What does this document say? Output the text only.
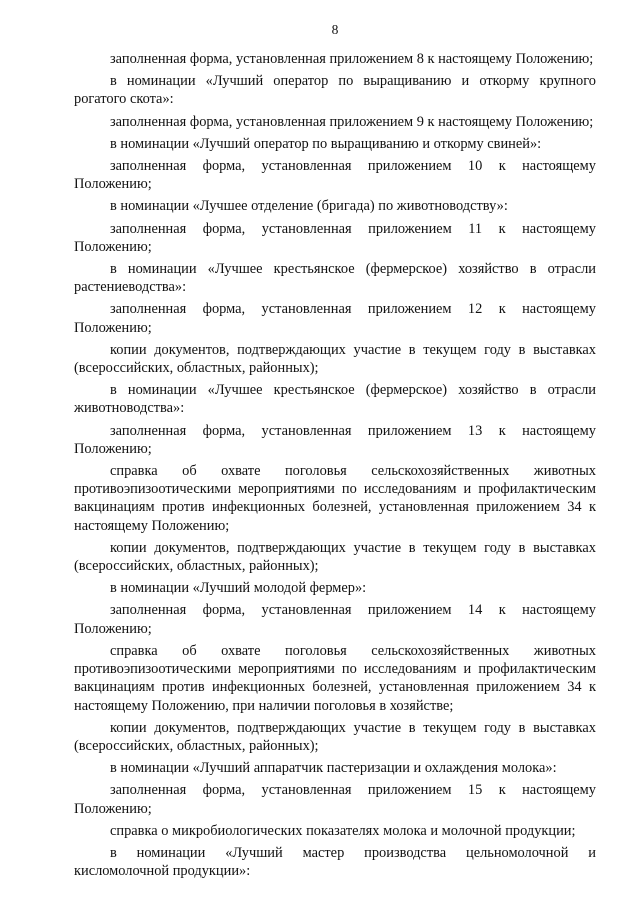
8

заполненная форма, установленная приложением 8 к настоящему Положению;

в номинации «Лучший оператор по выращиванию и откорму крупного рогатого скота»:

заполненная форма, установленная приложением 9 к настоящему Положению;

в номинации «Лучший оператор по выращиванию и откорму свиней»:

заполненная форма, установленная приложением 10 к настоящему Положению;

в номинации «Лучшее отделение (бригада) по животноводству»:

заполненная форма, установленная приложением 11 к настоящему Положению;

в номинации «Лучшее крестьянское (фермерское) хозяйство в отрасли растениеводства»:

заполненная форма, установленная приложением 12 к настоящему Положению;

копии документов, подтверждающих участие в текущем году в выставках (всероссийских, областных, районных);

в номинации «Лучшее крестьянское (фермерское) хозяйство в отрасли животноводства»:

заполненная форма, установленная приложением 13 к настоящему Положению;

справка об охвате поголовья сельскохозяйственных животных противоэпизоотическими мероприятиями по исследованиям и профилактическим вакцинациям против инфекционных болезней, установленная приложением 34 к настоящему Положению;

копии документов, подтверждающих участие в текущем году в выставках (всероссийских, областных, районных);

в номинации «Лучший молодой фермер»:

заполненная форма, установленная приложением 14 к настоящему Положению;

справка об охвате поголовья сельскохозяйственных животных противоэпизоотическими мероприятиями по исследованиям и профилактическим вакцинациям против инфекционных болезней, установленная приложением 34 к настоящему Положению, при наличии поголовья в хозяйстве;

копии документов, подтверждающих участие в текущем году в выставках (всероссийских, областных, районных);

в номинации «Лучший аппаратчик пастеризации и охлаждения молока»:

заполненная форма, установленная приложением 15 к настоящему Положению;

справка о микробиологических показателях молока и молочной продукции;

в номинации «Лучший мастер производства цельномолочной и кисломолочной продукции»:
